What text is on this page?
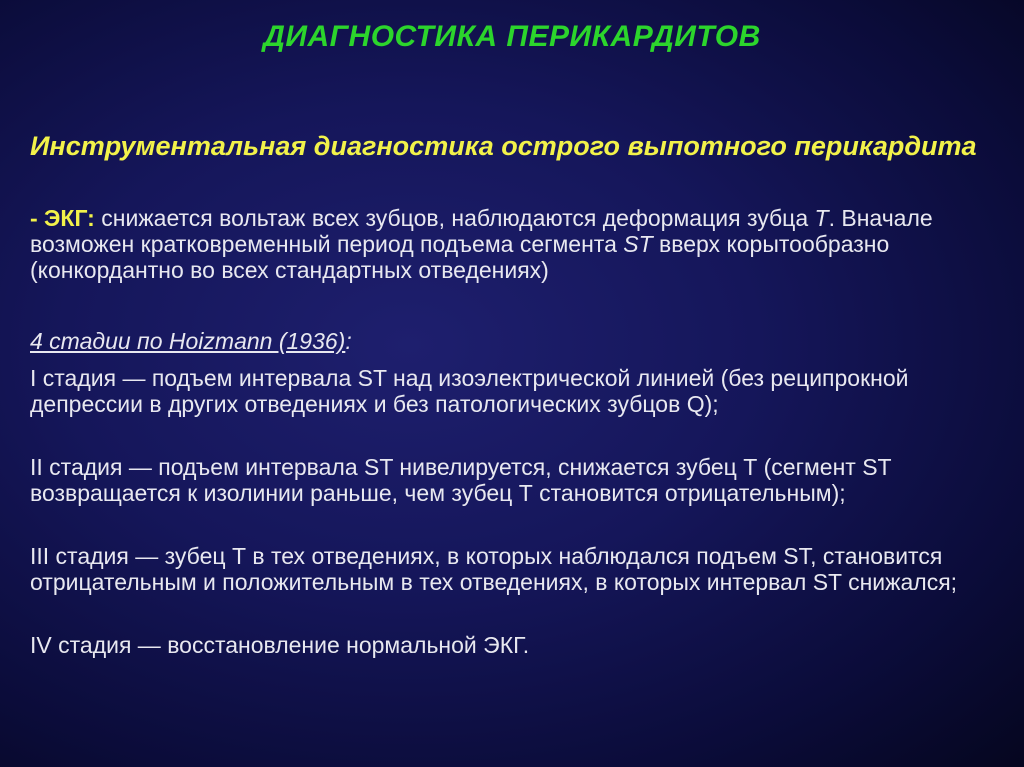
ДИАГНОСТИКА ПЕРИКАРДИТОВ
Инструментальная диагностика острого выпотного перикардита
- ЭКГ: снижается вольтаж всех зубцов, наблюдаются деформация зубца Т. Вначале возможен кратковременный период подъема сегмента ST вверх корытообразно (конкордантно во всех стандартных отведениях)
4 стадии по Hoizmann (1936):
I стадия — подъем интервала ST над изоэлектрической линией (без реципрокной депрессии в других отведениях и без патологических зубцов Q);
II стадия — подъем интервала ST нивелируется, снижается зубец Т (сегмент ST возвращается к изолинии раньше, чем зубец Т становится отрицательным);
III стадия — зубец Т в тех отведениях, в которых наблюдался подъем ST, становится отрицательным и положительным в тех отведениях, в которых интервал ST снижался;
IV стадия — восстановление нормальной ЭКГ.
